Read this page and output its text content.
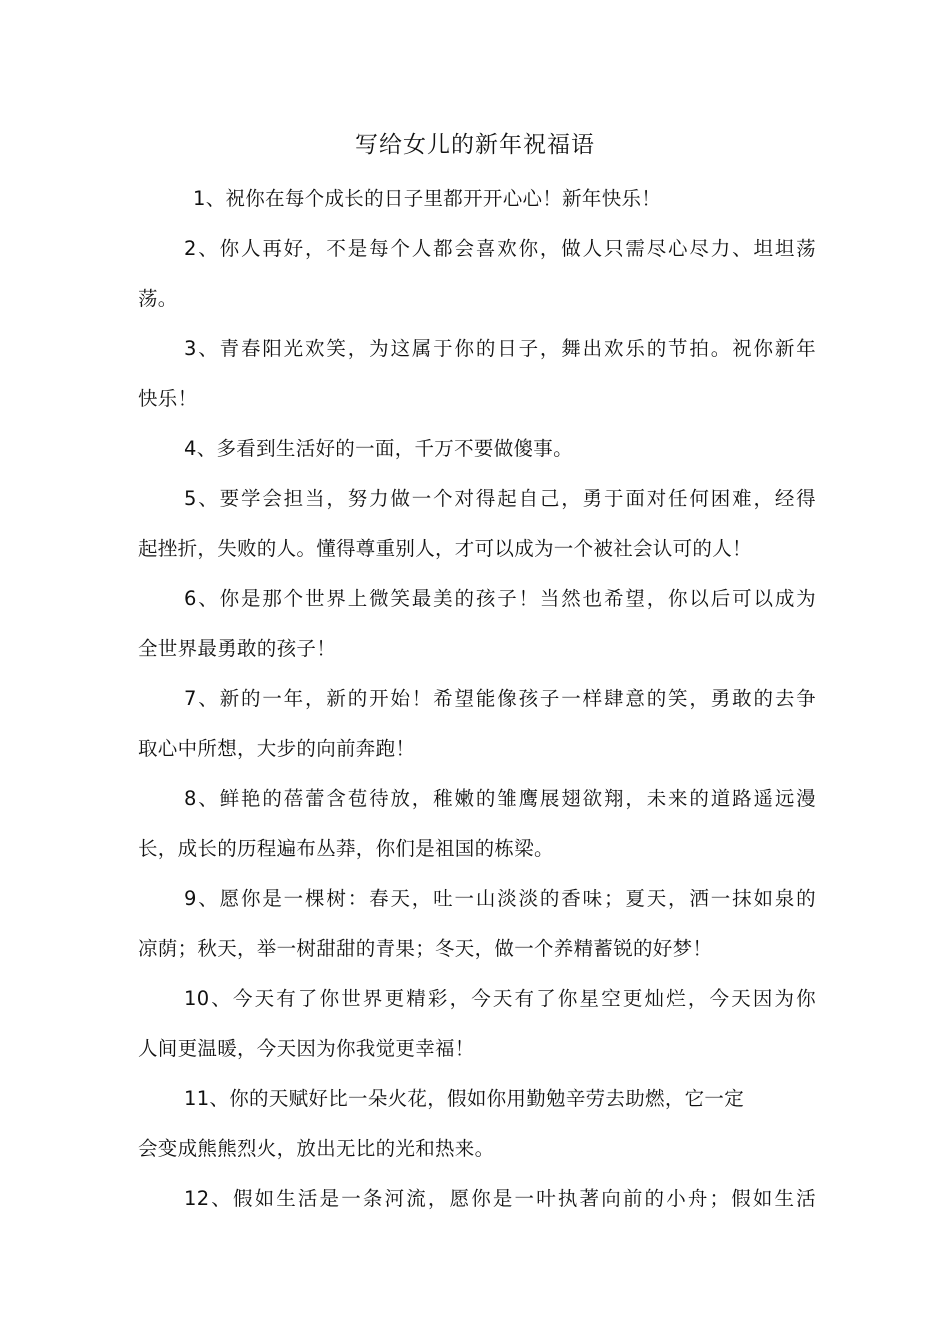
写给女儿的新年祝福语
1、祝你在每个成长的日子里都开开心心！新年快乐！
2、你人再好，不是每个人都会喜欢你，做人只需尽心尽力、坦坦荡
荡。
3、青春阳光欢笑，为这属于你的日子，舞出欢乐的节拍。祝你新年
快乐！
4、多看到生活好的一面，千万不要做傻事。
5、要学会担当，努力做一个对得起自己，勇于面对任何困难，经得
起挫折，失败的人。懂得尊重别人，才可以成为一个被社会认可的人！
6、你是那个世界上微笑最美的孩子！当然也希望，你以后可以成为
全世界最勇敢的孩子！
7、新的一年，新的开始！希望能像孩子一样肆意的笑，勇敢的去争
取心中所想，大步的向前奔跑！
8、鲜艳的蓓蕾含苞待放，稚嫩的雏鹰展翅欲翔，未来的道路遥远漫
长，成长的历程遍布丛莽，你们是祖国的栋梁。
9、愿你是一棵树：春天，吐一山淡淡的香味；夏天，洒一抹如泉的
凉荫；秋天，举一树甜甜的青果；冬天，做一个养精蓄锐的好梦！
10、今天有了你世界更精彩，今天有了你星空更灿烂，今天因为你
人间更温暖，今天因为你我觉更幸福！
11、你的天赋好比一朵火花，假如你用勤勉辛劳去助燃，它一定
会变成熊熊烈火，放出无比的光和热来。
12、假如生活是一条河流，愿你是一叶执著向前的小舟；假如生活
